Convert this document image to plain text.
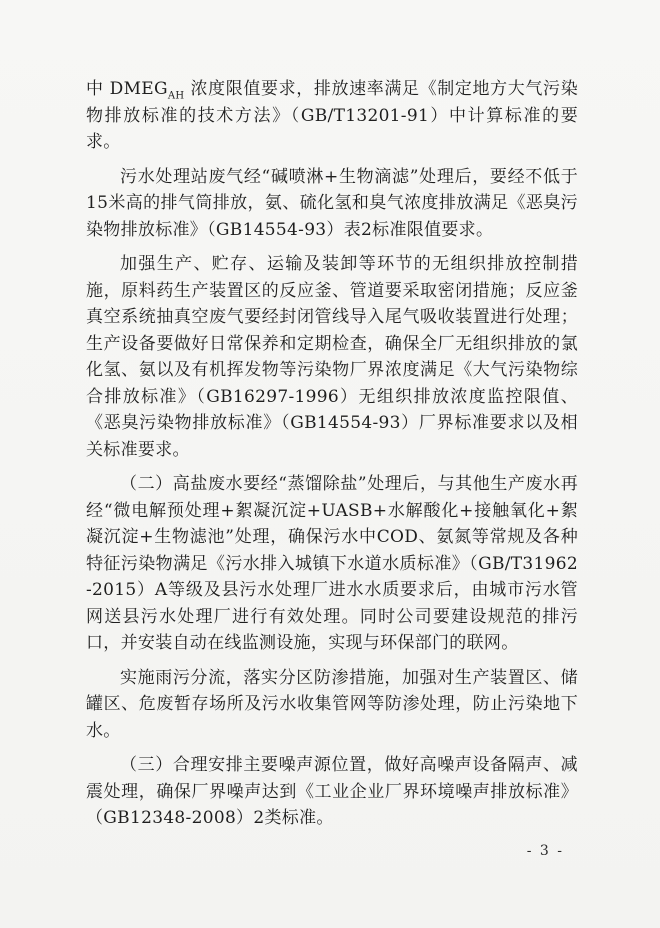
中 $DMEG_{AH}$ 浓度限值要求，排放速率满足《制定地方大气污染物排放标准的技术方法》（GB/T13201-91）中计算标准的要求。

污水处理站废气经“碱喷淋+生物滴滤”处理后，要经不低于15米高的排气筒排放，氨、硫化氢和臭气浓度排放满足《恶臭污染物排放标准》（GB14554-93）表2标准限值要求。

加强生产、贮存、运输及装卸等环节的无组织排放控制措施，原料药生产装置区的反应釜、管道要采取密闭措施；反应釜真空系统抽真空废气要经封闭管线导入尾气吸收装置进行处理；生产设备要做好日常保养和定期检查，确保全厂无组织排放的氯化氢、氨以及有机挥发物等污染物厂界浓度满足《大气污染物综合排放标准》（GB16297-1996）无组织排放浓度监控限值、《恶臭污染物排放标准》（GB14554-93）厂界标准要求以及相关标准要求。

（二）高盐废水要经“蒸馏除盐”处理后，与其他生产废水再经“微电解预处理+絮凝沉淀+UASB+水解酸化+接触氧化+絮凝沉淀+生物滤池”处理，确保污水中COD、氨氮等常规及各种特征污染物满足《污水排入城镇下水道水质标准》（GB/T31962-2015）A等级及县污水处理厂进水水质要求后，由城市污水管网送县污水处理厂进行有效处理。同时公司要建设规范的排污口，并安装自动在线监测设施，实现与环保部门的联网。

实施雨污分流，落实分区防渗措施，加强对生产装置区、储罐区、危废暂存场所及污水收集管网等防渗处理，防止污染地下水。

（三）合理安排主要噪声源位置，做好高噪声设备隔声、减震处理，确保厂界噪声达到《工业企业厂界环境噪声排放标准》（GB12348-2008）2类标准。

- 3 -
